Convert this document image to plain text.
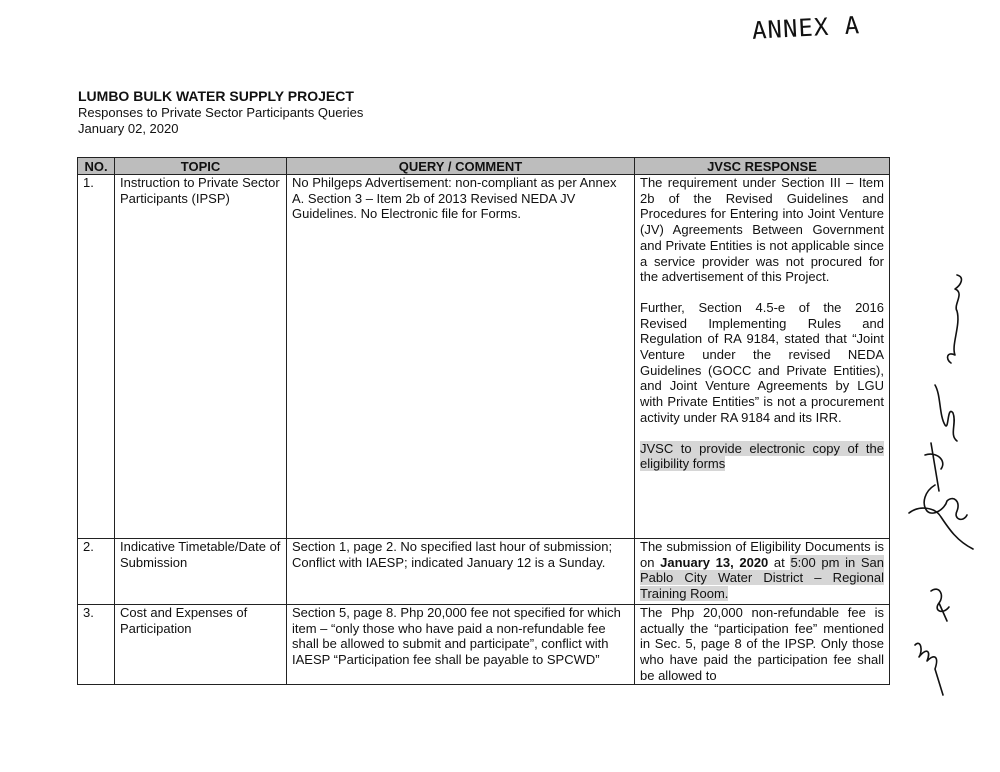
ANNEX A

LUMBO BULK WATER SUPPLY PROJECT

Responses to Private Sector Participants Queries

January 02, 2020

NO.	TOPIC	QUERY / COMMENT	JVSC RESPONSE
1.	Instruction to Private Sector Participants (IPSP)	No Philgeps Advertisement: non-compliant as per Annex A. Section 3 – Item 2b of 2013 Revised NEDA JV Guidelines. No Electronic file for Forms.	The requirement under Section III – Item 2b of the Revised Guidelines and Procedures for Entering into Joint Venture (JV) Agreements Between Government and Private Entities is not applicable since a service provider was not procured for the advertisement of this Project.

Further, Section 4.5-e of the 2016 Revised Implementing Rules and Regulation of RA 9184, stated that “Joint Venture under the revised NEDA Guidelines (GOCC and Private Entities), and Joint Venture Agreements by LGU with Private Entities” is not a procurement activity under RA 9184 and its IRR.

JVSC to provide electronic copy of the eligibility forms

2.	Indicative Timetable/Date of Submission	Section 1, page 2. No specified last hour of submission; Conflict with IAESP; indicated January 12 is a Sunday.	The submission of Eligibility Documents is on January 13, 2020 at 5:00 pm in San Pablo City Water District – Regional Training Room.
3.	Cost and Expenses of Participation	Section 5, page 8. Php 20,000 fee not specified for which item – “only those who have paid a non-refundable fee shall be allowed to submit and participate”, conflict with IAESP “Participation fee shall be payable to SPCWD”	The Php 20,000 non-refundable fee is actually the “participation fee” mentioned in Sec. 5, page 8 of the IPSP. Only those who have paid the participation fee shall be allowed to
